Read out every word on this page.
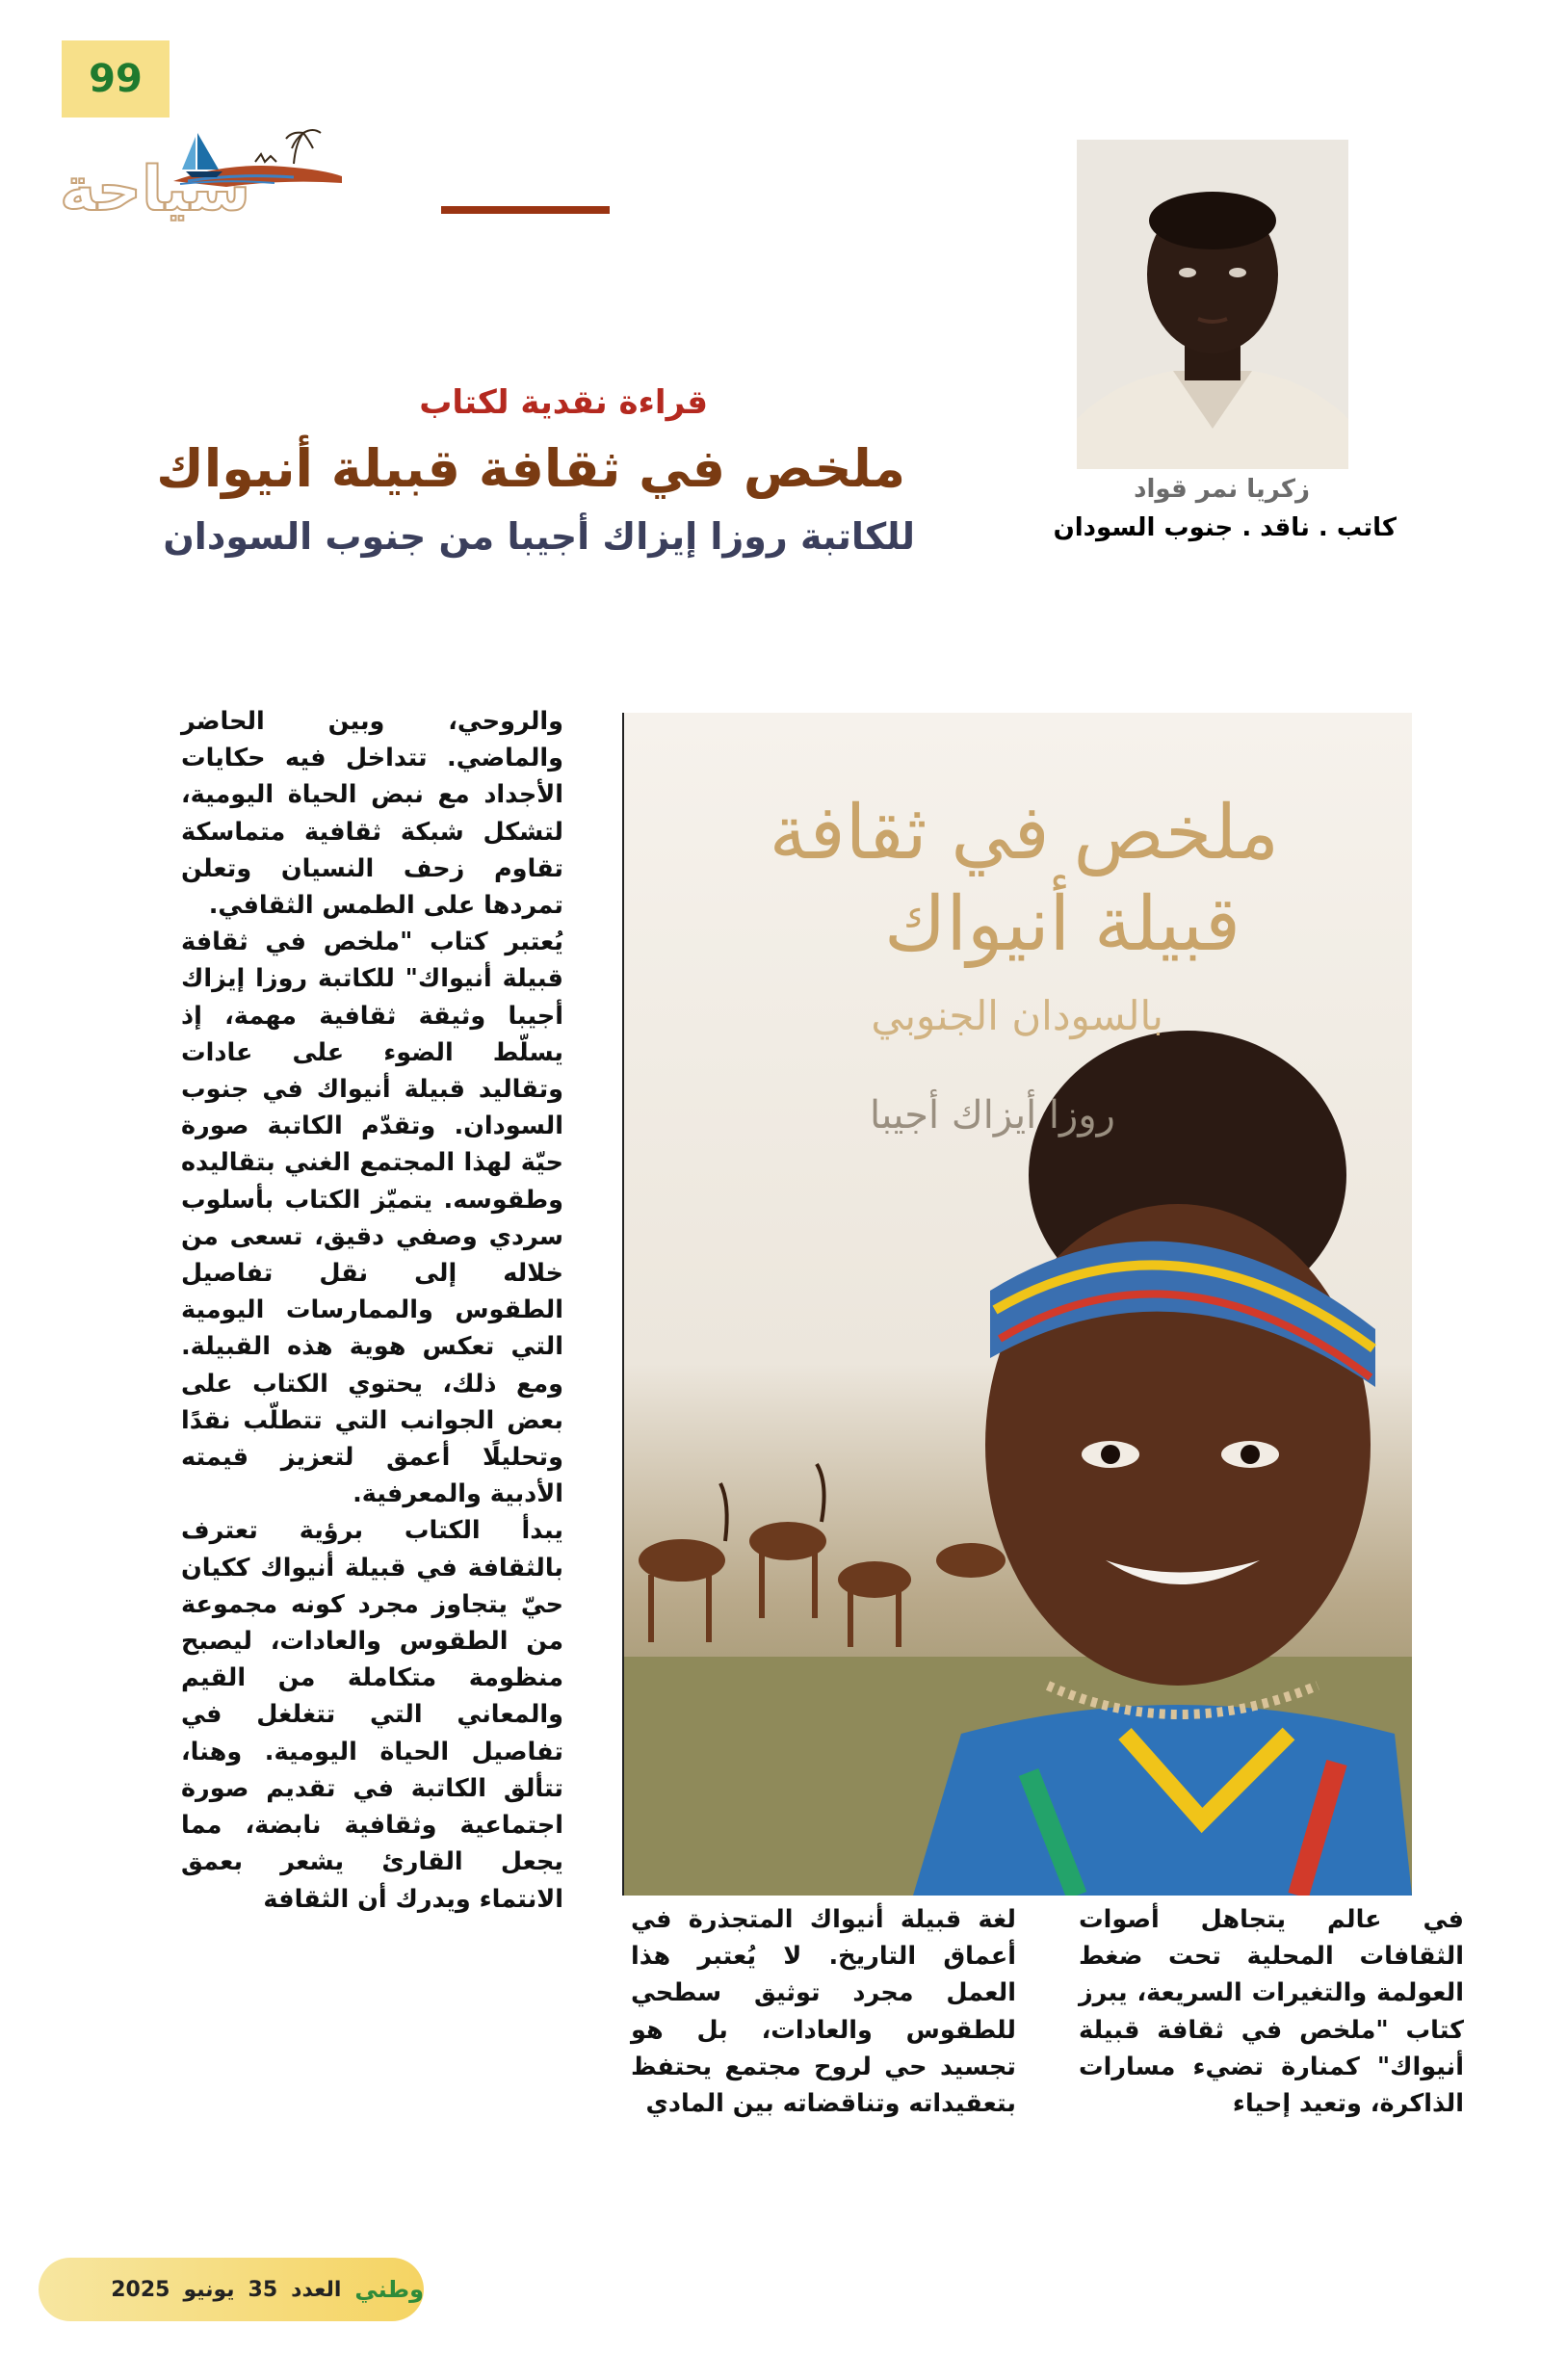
99
سياحة
قراءة نقدية لكتاب
ملخص في ثقافة قبيلة أنيواك
للكاتبة روزا إيزاك أجيبا من جنوب السودان
زكريا نمر قواد
كاتب . ناقد . جنوب السودان
ملخص في ثقافة
قبيلة أنيواك
بالسودان الجنوبي
روزا أيزاك أجيبا

والروحي، وبين الحاضر والماضي. تتداخل فيه حكايات الأجداد مع نبض الحياة اليومية، لتشكل شبكة ثقافية متماسكة تقاوم زحف النسيان وتعلن تمردها على الطمس الثقافي.

يُعتبر كتاب "ملخص في ثقافة قبيلة أنيواك" للكاتبة روزا إيزاك أجيبا وثيقة ثقافية مهمة، إذ يسلّط الضوء على عادات وتقاليد قبيلة أنيواك في جنوب السودان. وتقدّم الكاتبة صورة حيّة لهذا المجتمع الغني بتقاليده وطقوسه. يتميّز الكتاب بأسلوب سردي وصفي دقيق، تسعى من خلاله إلى نقل تفاصيل الطقوس والممارسات اليومية التي تعكس هوية هذه القبيلة. ومع ذلك، يحتوي الكتاب على بعض الجوانب التي تتطلّب نقدًا وتحليلًا أعمق لتعزيز قيمته الأدبية والمعرفية.

يبدأ الكتاب برؤية تعترف بالثقافة في قبيلة أنيواك ككيان حيّ يتجاوز مجرد كونه مجموعة من الطقوس والعادات، ليصبح منظومة متكاملة من القيم والمعاني التي تتغلغل في تفاصيل الحياة اليومية. وهنا، تتألق الكاتبة في تقديم صورة اجتماعية وثقافية نابضة، مما يجعل القارئ يشعر بعمق الانتماء ويدرك أن الثقافة

في عالم يتجاهل أصوات الثقافات المحلية تحت ضغط العولمة والتغيرات السريعة، يبرز كتاب "ملخص في ثقافة قبيلة أنيواك" كمنارة تضيء مسارات الذاكرة، وتعيد إحياء

لغة قبيلة أنيواك المتجذرة في أعماق التاريخ. لا يُعتبر هذا العمل مجرد توثيق سطحي للطقوس والعادات، بل هو تجسيد حي لروح مجتمع يحتفظ بتعقيداته وتناقضاته بين المادي

وطني
العدد
35
يونيو
2025
